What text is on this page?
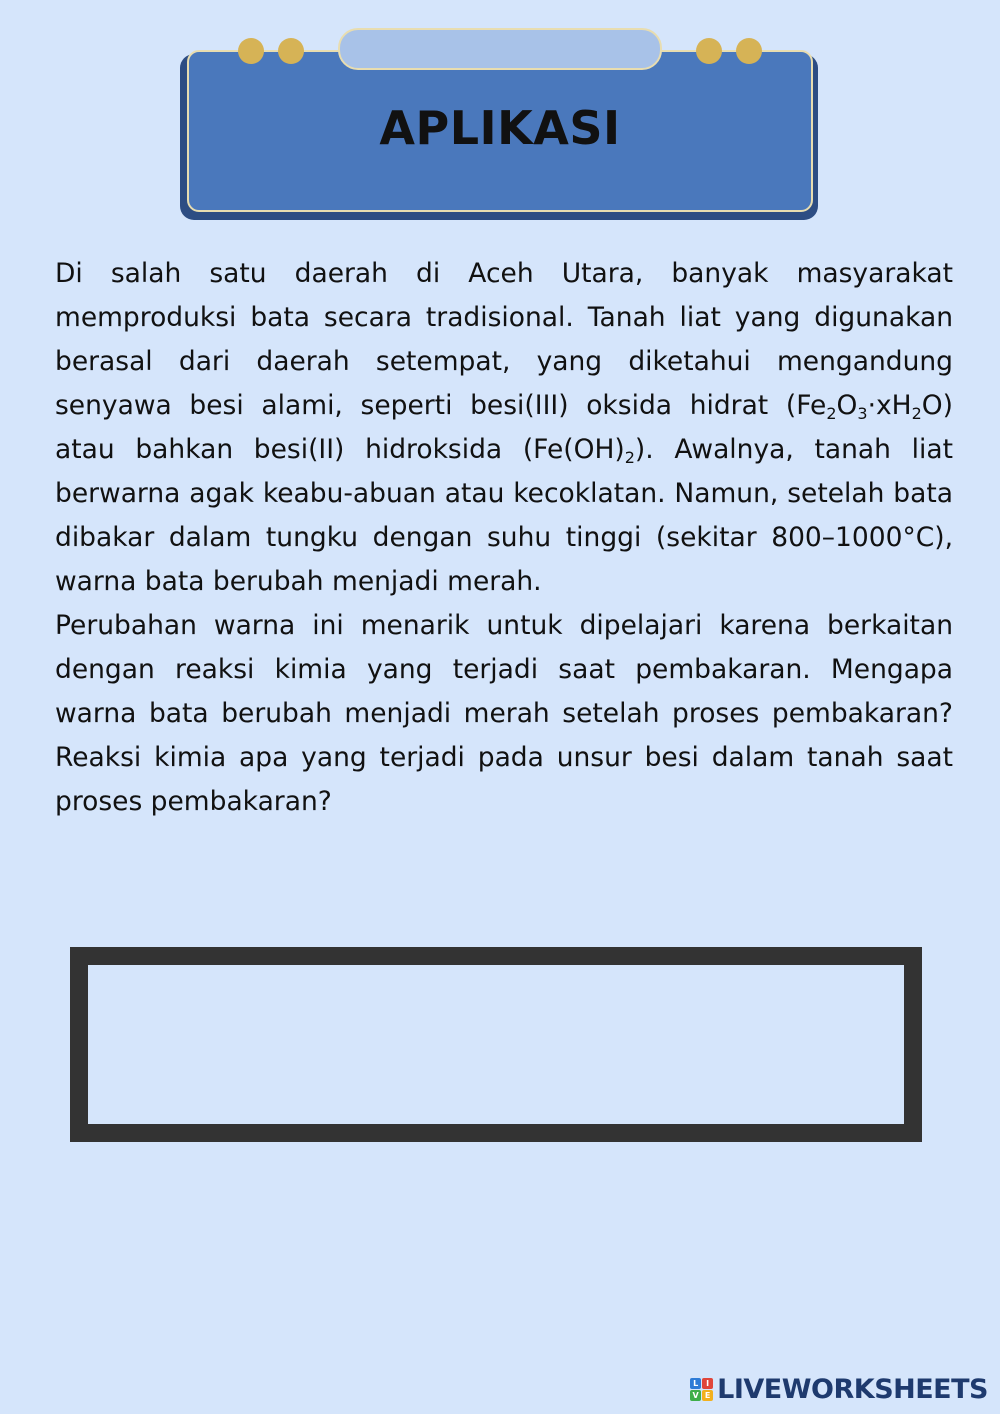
APLIKASI

Di salah satu daerah di Aceh Utara, banyak masyarakat memproduksi bata secara tradisional. Tanah liat yang digunakan berasal dari daerah setempat, yang diketahui mengandung senyawa besi alami, seperti besi(III) oksida hidrat $(Fe_2O_3\cdot xH_2O)$ atau bahkan besi(II) hidroksida $(Fe(OH)_2)$. Awalnya, tanah liat berwarna agak keabu-abuan atau kecoklatan. Namun, setelah bata dibakar dalam tungku dengan suhu tinggi (sekitar 800–1000°C), warna bata berubah menjadi merah.

Perubahan warna ini menarik untuk dipelajari karena berkaitan dengan reaksi kimia yang terjadi saat pembakaran. Mengapa warna bata berubah menjadi merah setelah proses pembakaran? Reaksi kimia apa yang terjadi pada unsur besi dalam tanah saat proses pembakaran?

L I
V E LIVEWORKSHEETS
